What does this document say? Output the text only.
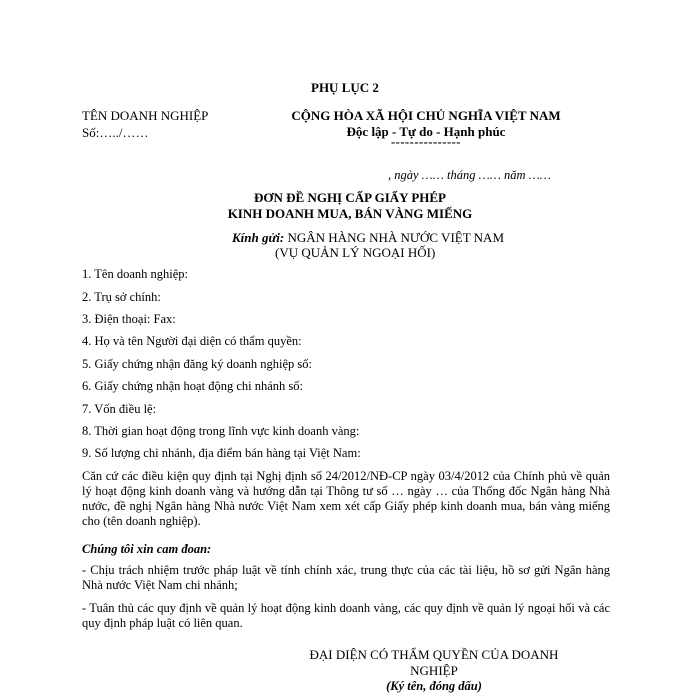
PHỤ LỤC 2
TÊN DOANH NGHIỆP
Số:…../……
CỘNG HÒA XÃ HỘI CHỦ NGHĨA VIỆT NAM
Độc lập - Tự do - Hạnh phúc
---------------
, ngày …… tháng …… năm ……
ĐƠN ĐỀ NGHỊ CẤP GIẤY PHÉP
KINH DOANH MUA, BÁN VÀNG MIẾNG
Kính gửi: NGÂN HÀNG NHÀ NƯỚC VIỆT NAM
(VỤ QUẢN LÝ NGOẠI HỐI)
1. Tên doanh nghiệp:
2. Trụ sở chính:
3. Điện thoại: Fax:
4. Họ và tên Người đại diện có thẩm quyền:
5. Giấy chứng nhận đăng ký doanh nghiệp số:
6. Giấy chứng nhận hoạt động chi nhánh số:
7. Vốn điều lệ:
8. Thời gian hoạt động trong lĩnh vực kinh doanh vàng:
9. Số lượng chi nhánh, địa điểm bán hàng tại Việt Nam:
Căn cứ các điều kiện quy định tại Nghị định số 24/2012/NĐ-CP ngày 03/4/2012 của Chính phủ về quản lý hoạt động kinh doanh vàng và hướng dẫn tại Thông tư số … ngày … của Thống đốc Ngân hàng Nhà nước, đề nghị Ngân hàng Nhà nước Việt Nam xem xét cấp Giấy phép kinh doanh mua, bán vàng miếng cho (tên doanh nghiệp).
Chúng tôi xin cam đoan:
- Chịu trách nhiệm trước pháp luật về tính chính xác, trung thực của các tài liệu, hồ sơ gửi Ngân hàng Nhà nước Việt Nam chi nhánh;
- Tuân thủ các quy định về quản lý hoạt động kinh doanh vàng, các quy định về quản lý ngoại hối và các quy định pháp luật có liên quan.
ĐẠI DIỆN CÓ THẨM QUYỀN CỦA DOANH NGHIỆP
(Ký tên, đóng dấu)
